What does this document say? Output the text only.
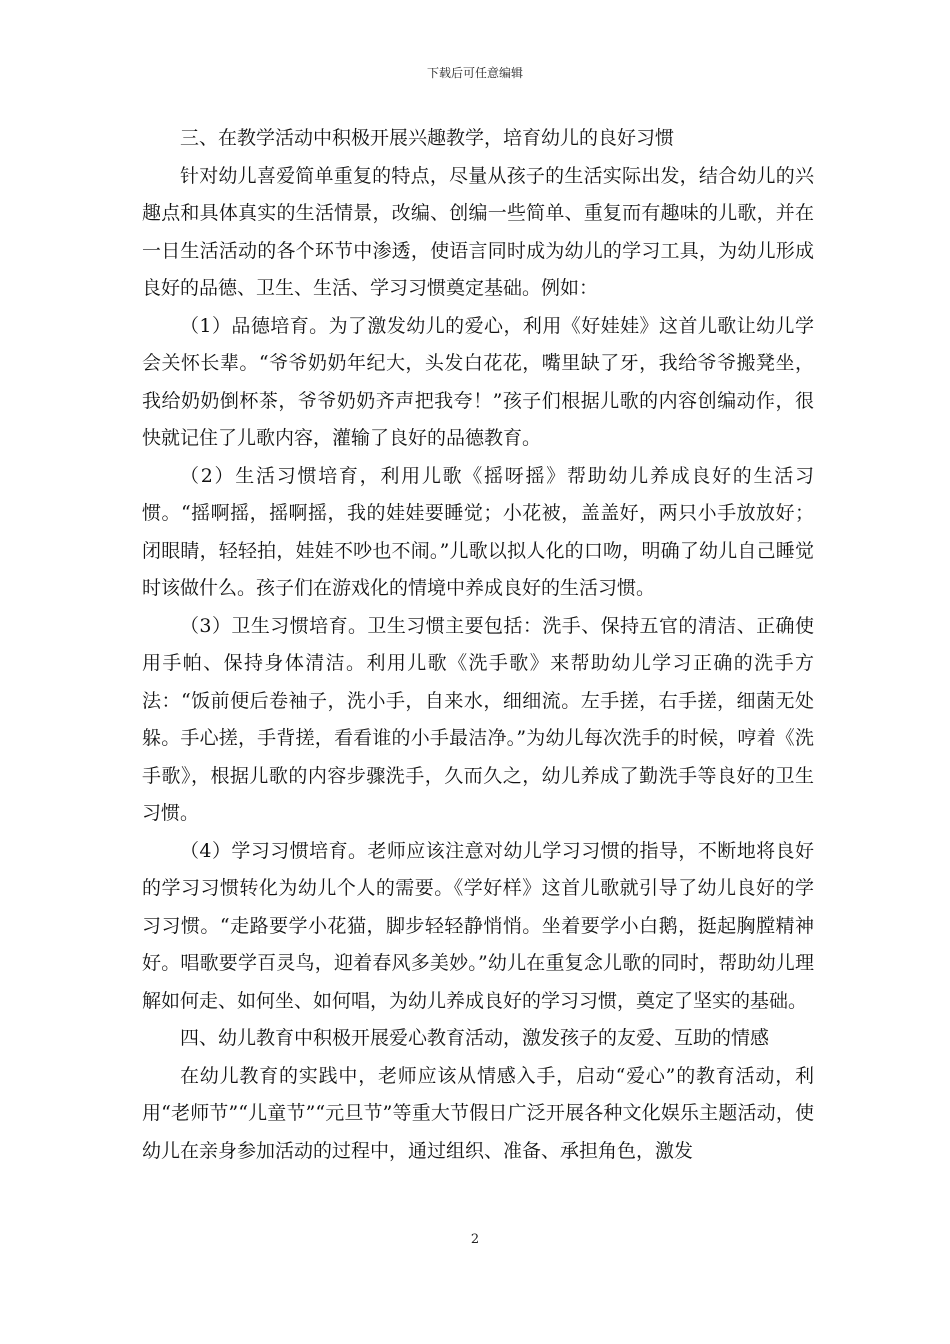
下载后可任意编辑

三、在教学活动中积极开展兴趣教学，培育幼儿的良好习惯

针对幼儿喜爱简单重复的特点，尽量从孩子的生活实际出发，结合幼儿的兴趣点和具体真实的生活情景，改编、创编一些简单、重复而有趣味的儿歌，并在一日生活活动的各个环节中渗透，使语言同时成为幼儿的学习工具，为幼儿形成良好的品德、卫生、生活、学习习惯奠定基础。例如：

（1）品德培育。为了激发幼儿的爱心，利用《好娃娃》这首儿歌让幼儿学会关怀长辈。“爷爷奶奶年纪大，头发白花花，嘴里缺了牙，我给爷爷搬凳坐，我给奶奶倒杯茶，爷爷奶奶齐声把我夸！”孩子们根据儿歌的内容创编动作，很快就记住了儿歌内容，灌输了良好的品德教育。

（2）生活习惯培育，利用儿歌《摇呀摇》帮助幼儿养成良好的生活习惯。“摇啊摇，摇啊摇，我的娃娃要睡觉；小花被，盖盖好，两只小手放放好；闭眼睛，轻轻拍，娃娃不吵也不闹。”儿歌以拟人化的口吻，明确了幼儿自己睡觉时该做什么。孩子们在游戏化的情境中养成良好的生活习惯。

（3）卫生习惯培育。卫生习惯主要包括：洗手、保持五官的清洁、正确使用手帕、保持身体清洁。利用儿歌《洗手歌》来帮助幼儿学习正确的洗手方法：“饭前便后卷袖子，洗小手，自来水，细细流。左手搓，右手搓，细菌无处躲。手心搓，手背搓，看看谁的小手最洁净。”为幼儿每次洗手的时候，哼着《洗手歌》，根据儿歌的内容步骤洗手，久而久之，幼儿养成了勤洗手等良好的卫生习惯。

（4）学习习惯培育。老师应该注意对幼儿学习习惯的指导，不断地将良好的学习习惯转化为幼儿个人的需要。《学好样》这首儿歌就引导了幼儿良好的学习习惯。“走路要学小花猫，脚步轻轻静悄悄。坐着要学小白鹅，挺起胸膛精神好。唱歌要学百灵鸟，迎着春风多美妙。”幼儿在重复念儿歌的同时，帮助幼儿理解如何走、如何坐、如何唱，为幼儿养成良好的学习习惯，奠定了坚实的基础。

四、幼儿教育中积极开展爱心教育活动，激发孩子的友爱、互助的情感

在幼儿教育的实践中，老师应该从情感入手，启动“爱心”的教育活动，利用“老师节”“儿童节”“元旦节”等重大节假日广泛开展各种文化娱乐主题活动，使幼儿在亲身参加活动的过程中，通过组织、准备、承担角色，激发

2
